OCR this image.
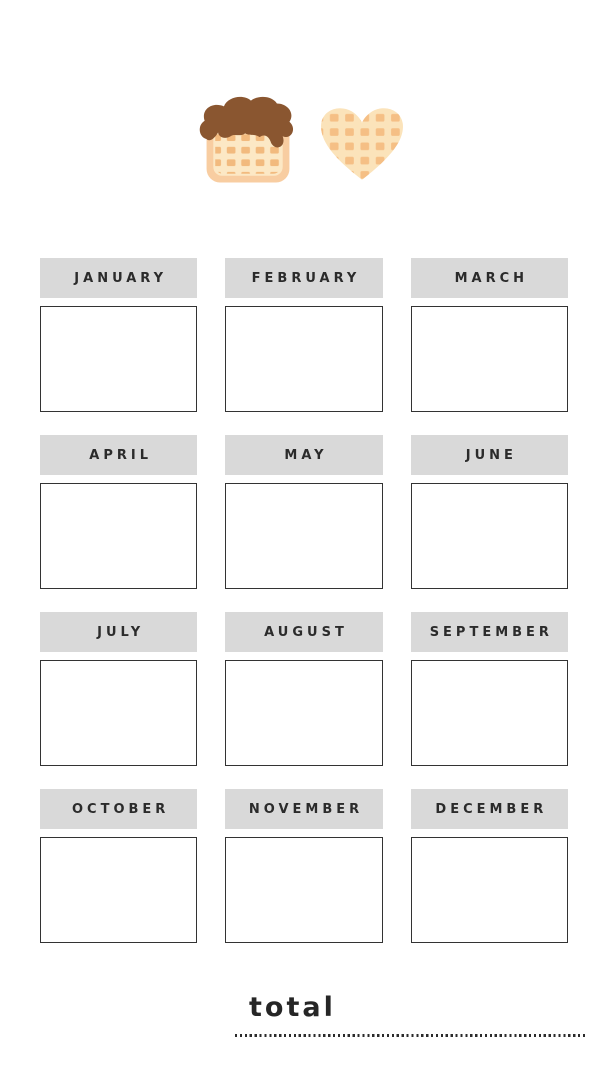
JANUARY	FEBRUARY	MARCH
APRIL	MAY	JUNE
JULY	AUGUST	SEPTEMBER
OCTOBER	NOVEMBER	DECEMBER
total
